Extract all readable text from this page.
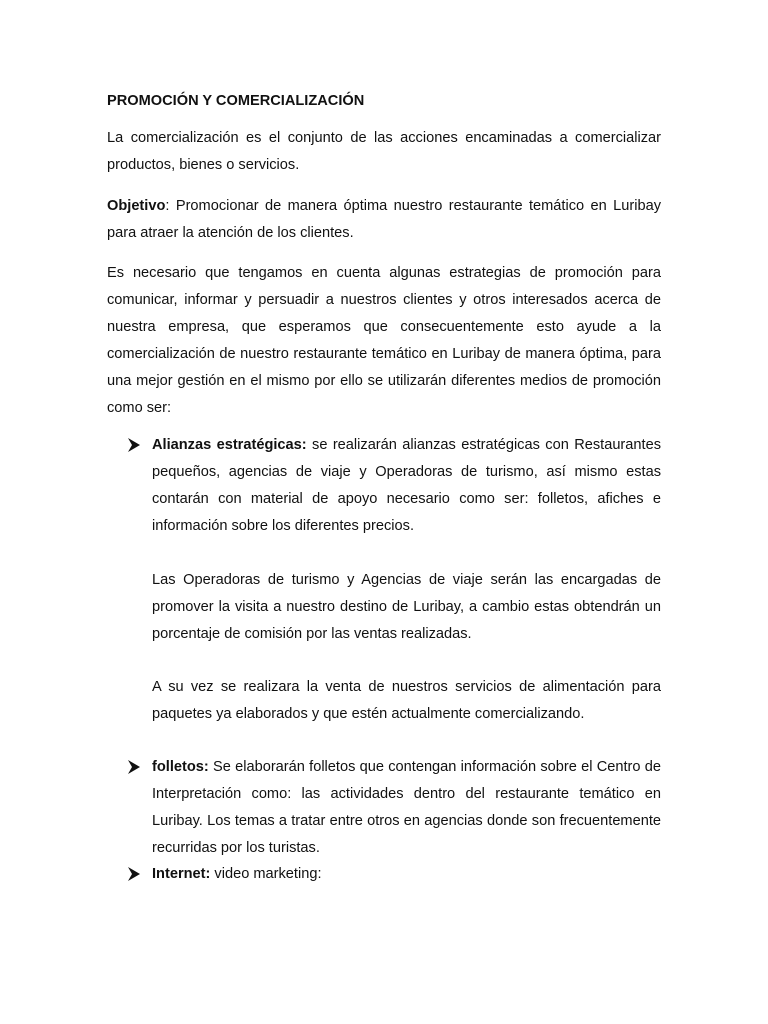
PROMOCIÓN Y COMERCIALIZACIÓN

La comercialización es el conjunto de las acciones encaminadas a comercializar productos, bienes o servicios.

Objetivo: Promocionar de manera óptima nuestro restaurante temático en Luribay para atraer la atención de los clientes.

Es necesario que tengamos en cuenta algunas estrategias de promoción para comunicar, informar y persuadir a nuestros clientes y otros interesados acerca de nuestra empresa, que esperamos que consecuentemente esto ayude a la comercialización de nuestro restaurante temático en Luribay de manera óptima, para una mejor gestión en el mismo por ello se utilizarán diferentes medios de promoción como ser:

Alianzas estratégicas: se realizarán alianzas estratégicas con Restaurantes pequeños, agencias de viaje y Operadoras de turismo, así mismo estas contarán con material de apoyo necesario como ser: folletos, afiches e información sobre los diferentes precios.

Las Operadoras de turismo y Agencias de viaje serán las encargadas de promover la visita a nuestro destino de Luribay, a cambio estas obtendrán un porcentaje de comisión por las ventas realizadas.

A su vez se realizara la venta de nuestros servicios de alimentación para paquetes ya elaborados y que estén actualmente comercializando.

folletos: Se elaborarán folletos que contengan información sobre el Centro de Interpretación como: las actividades dentro del restaurante temático en Luribay. Los temas a tratar entre otros en agencias donde son frecuentemente recurridas por los turistas.

Internet: video marketing:
